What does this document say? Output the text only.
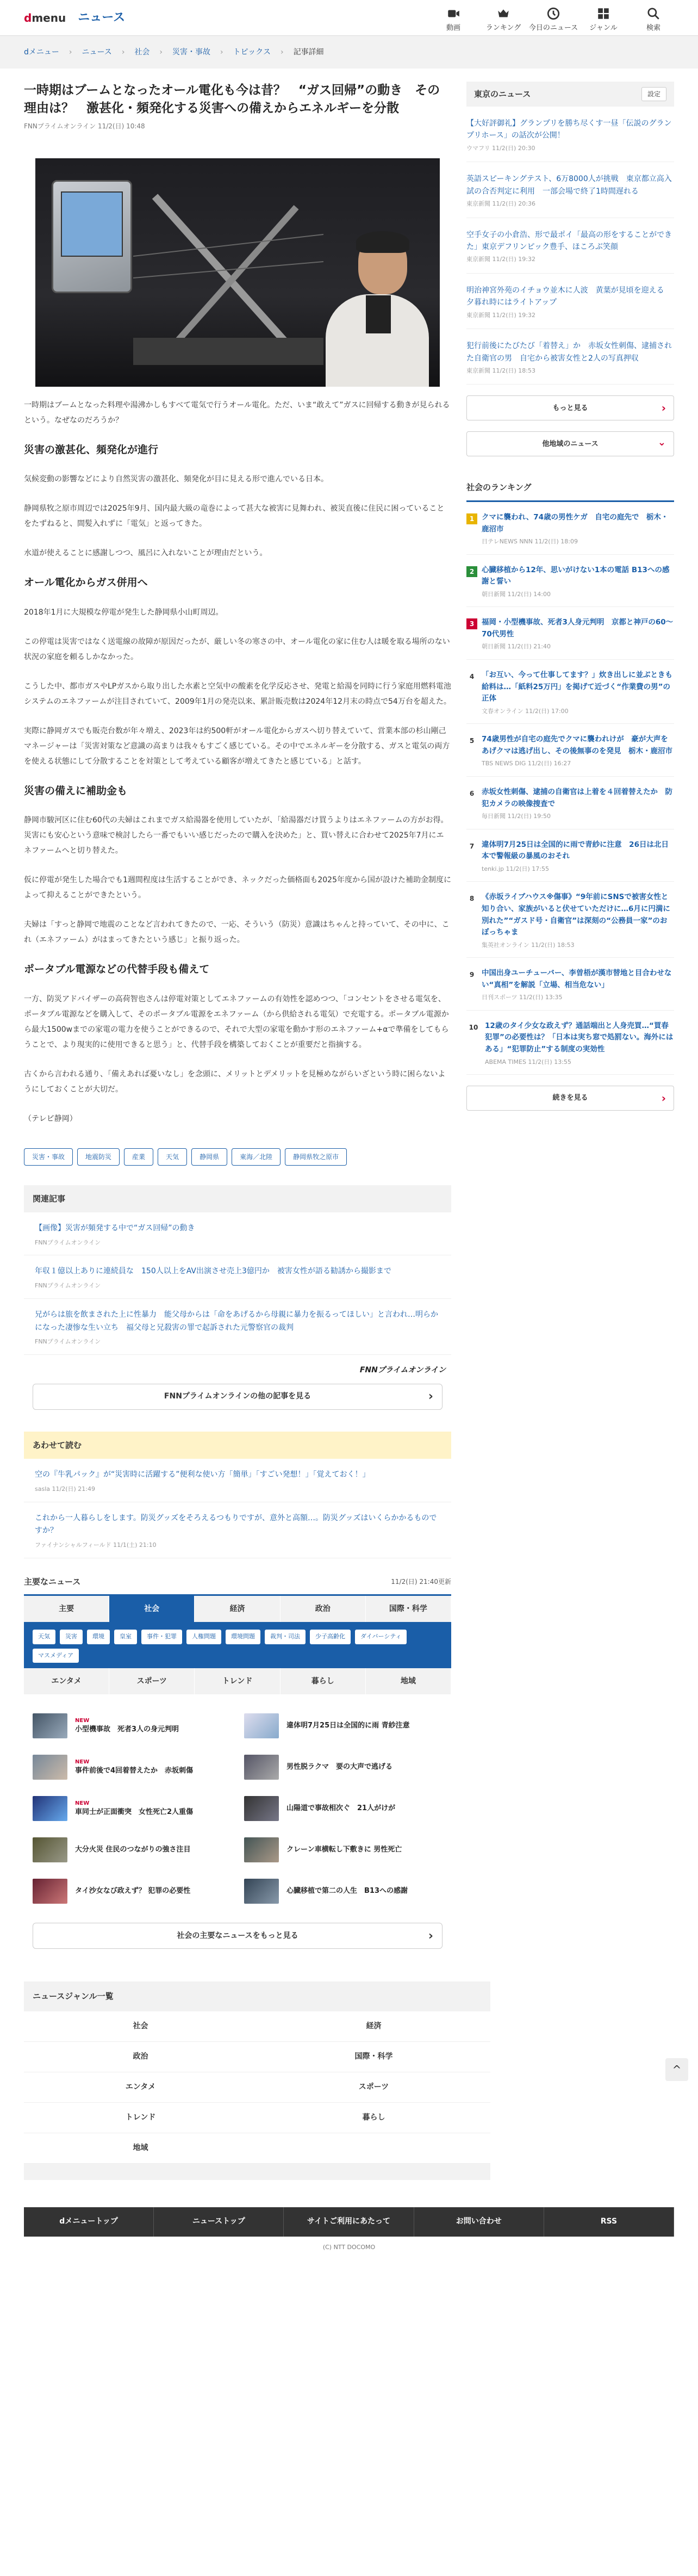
dmenu ニュース
動画	ランキング	今日のニュース	ジャンル	検索
dメニュー › ニュース › 社会 › 災害・事故 › トピックス › 記事詳細
一時期はブームとなったオール電化も今は昔？　“ガス回帰”の動き　その理由は？　激甚化・頻発化する災害への備えからエネルギーを分散
FNNプライムオンライン 11/2(日) 10:48

一時期はブームとなった料理や湯沸かしもすべて電気で行うオール電化。ただ、いま“敢えて”ガスに回帰する動きが見られるという。なぜなのだろうか？

災害の激甚化、頻発化が進行

気候変動の影響などにより自然災害の激甚化、頻発化が目に見える形で進んでいる日本。

静岡県牧之原市周辺では2025年9月、国内最大級の竜巻によって甚大な被害に見舞われ、被災直後に住民に困っていることをたずねると、間髪入れずに「電気」と返ってきた。

水道が使えることに感謝しつつ、風呂に入れないことが理由だという。

オール電化からガス併用へ

2018年1月に大規模な停電が発生した静岡県小山町周辺。

この停電は災害ではなく送電線の故障が原因だったが、厳しい冬の寒さの中、オール電化の家に住む人は暖を取る場所のない状況の家庭を頼るしかなかった。

こうした中、都市ガスやLPガスから取り出した水素と空気中の酸素を化学反応させ、発電と給湯を同時に行う家庭用燃料電池システムのエネファームが注目されていて、2009年1月の発売以来、累計販売数は2024年12月末の時点で54万台を超えた。

実際に静岡ガスでも販売台数が年々増え、2023年は約500軒がオール電化からガスへ切り替えていて、営業本部の杉山剛己マネージャーは「災害対策など意識の高まりは我々もすごく感じている。その中でエネルギーを分散する、ガスと電気の両方を使える状態にして分散することを対策として考えている顧客が増えてきたと感じている」と話す。

災害の備えに補助金も

静岡市駿河区に住む60代の夫婦はこれまでガス給湯器を使用していたが、「給湯器だけ買うよりはエネファームの方がお得。災害にも安心という意味で検討したら一番でもいい感じだったので購入を決めた」と、買い替えに合わせて2025年7月にエネファームへと切り替えた。

仮に停電が発生した場合でも1週間程度は生活することができ、ネックだった価格面も2025年度から国が設けた補助金制度によって抑えることができたという。

夫婦は「すっと静岡で地震のことなど言われてきたので、一応、そういう（防災）意識はちゃんと持っていて、その中に、これ（エネファーム）がはまってきたという感じ」と振り返った。

ポータブル電源などの代替手段も備えて

一方、防災アドバイザーの高荷智也さんは停電対策としてエネファームの有効性を認めつつ、「コンセントをさせる電気を、ポータブル電源などを購入して、そのポータブル電源をエネファーム（から供給される電気）で充電する。ポータブル電源から最大1500wまでの家電の電力を使うことができるので、それで大型の家電を動かす形のエネファーム+αで準備をしてもらうことで、より現実的に使用できると思う」と、代替手段を構築しておくことが重要だと指摘する。

古くから言われる通り、「備えあれば憂いなし」を念頭に、メリットとデメリットを見極めながらいざという時に困らないようにしておくことが大切だ。

（テレビ静岡）

災害・事故	地震防災	産業	天気	静岡県	東海／北陸	静岡県牧之原市
関連記事
【画像】災害が頻発する中で“ガス回帰”の動き
FNNプライムオンライン
年収１億以上ありに連続員な　150人以上をAV出演させ売上3億円か　被害女性が語る勧誘から撮影まで
FNNプライムオンライン
兄がらは旅を飲まされた上に性暴力　能父母からは「命をあげるから母親に暴力を振るってほしい」と言われ…明らかになった凄惨な生い立ち　福父母と兄殺害の罪で起訴された元警察官の裁判
FNNプライムオンライン
FNNプライムオンライン
FNNプライムオンラインの他の記事を見る ›
あわせて読む
空の『牛乳パック』が“災害時に活躍する”便利な使い方「簡単」「すごい発想！」「覚えておく！」
sasla 11/2(日) 21:49
これから一人暮らしをします。防災グッズをそろえるつもりですが、意外と高額…。防災グッズはいくらかかるものですか？
ファイナンシャルフィールド 11/1(土) 21:10
主要なニュース	11/2(日) 21:40更新
主要	社会	経済	政治	国際・科学
天気	災害	環境	皇室	事件・犯罪	人権問題	環境問題	裁判・司法	少子高齢化	ダイバーシティ
マスメディア
エンタメ	スポーツ	トレンド	暮らし	地域
NEW
小型機事故　死者3人の身元判明	違体明7月25日は全国的に雨 青紗注意
NEW
事件前後で4回着替えたか　赤坂刺傷	男性脱ラクマ　要の大声で逃げる
NEW
車同士が正面衝突　女性死亡2人重傷	山陽道で事故相次ぐ　21人がけが
大分火災 住民のつながりの強さ注目	クレーン車横転し下敷きに 男性死亡
タイ沙女なび政えず？ 犯罪の必要性	心臓移植で第二の人生　B13への感謝
社会の主要なニュースをもっと見る ›
東京のニュース	設定
【大好評御礼】グランプリを勝ち尽くす一昼「伝説のグランプリホース」の話次が公開！
ウマフリ 11/2(日) 20:30
英語スピーキングテスト、6万8000人が挑戦　東京都立高入試の合否判定に利用　一部会場で終了1時間遅れる
東京新聞 11/2(日) 20:36
空手女子の小倉浩、形で最ポイ「最高の形をすることができた」東京デフリンピック豊手、ほころぶ笑顔
東京新聞 11/2(日) 19:32
明治神宮外苑のイチョウ並木に人波　黄葉が見頃を迎える　夕暮れ時にはライトアップ
東京新聞 11/2(日) 19:32
犯行前後にたびたび「着替え」か　赤坂女性刺傷、逮捕された自衛官の男　自宅から被害女性と2人の写真押収
東京新聞 11/2(日) 18:53
もっと見る ›
他地域のニュース ⌄
社会のランキング
1	クマに襲われ、74歳の男性ケガ　自宅の庭先で　栃木・鹿沼市
日テレNEWS NNN 11/2(日) 18:09
2	心臓移植から12年、思いがけない1本の電話 B13への感謝と誓い
朝日新聞 11/2(日) 14:00
3	福岡・小型機事故、死者3人身元判明　京都と神戸の60〜70代男性
朝日新聞 11/2(日) 21:40
4	「お互い、今って仕事してます？」炊き出しに並ぶときも給料は…「紙料25万円」を掲げて近づく“作業費の男”の正体
文春オンライン 11/2(日) 17:00
5	74歳男性が自宅の庭先でクマに襲われけが　豪が大声をあげクマは逃げ出し、その後無事のを発見　栃木・鹿沼市
TBS NEWS DIG 11/2(日) 16:27
6	赤坂女性刺傷、逮捕の自衛官は上着を４回着替えたか　防犯カメラの映像捜査で
毎日新聞 11/2(日) 19:50
7	違体明7月25日は全国的に雨で青紗に注意　26日は北日本で警報級の暴風のおそれ
tenki.jp 11/2(日) 17:55
8	《赤坂ライブハウス※傷事》“9年前にSNSで被害女性と知り合い、家族がいると伏せていただけに…6月に円満に別れた”“ガスド号・自衛官”は深刻の“公務員一家”のおぼっちゃま
集英社オンライン 11/2(日) 18:53
9	中国出身ユーチューバー、李曽梧が漢市替地と目合わせない“真相”を解説「立場、相当危ない」
日刊スポーツ 11/2(日) 13:35
10 12歳のタイ少女な政えず？通話端出と人身売買…“買春犯罪”の必要性は？「日本は実ち窓で処罰ない。海外にはある」“犯罪防止”する制度の実効性
ABEMA TIMES 11/2(日) 13:55
続きを見る ›
ニュースジャンル一覧
社会	経済
政治	国際・科学
エンタメ	スポーツ
トレンド	暮らし
地域
dメニュートップ	ニューストップ	サイトご利用にあたって	お問い合わせ	RSS
(C) NTT DOCOMO
^
